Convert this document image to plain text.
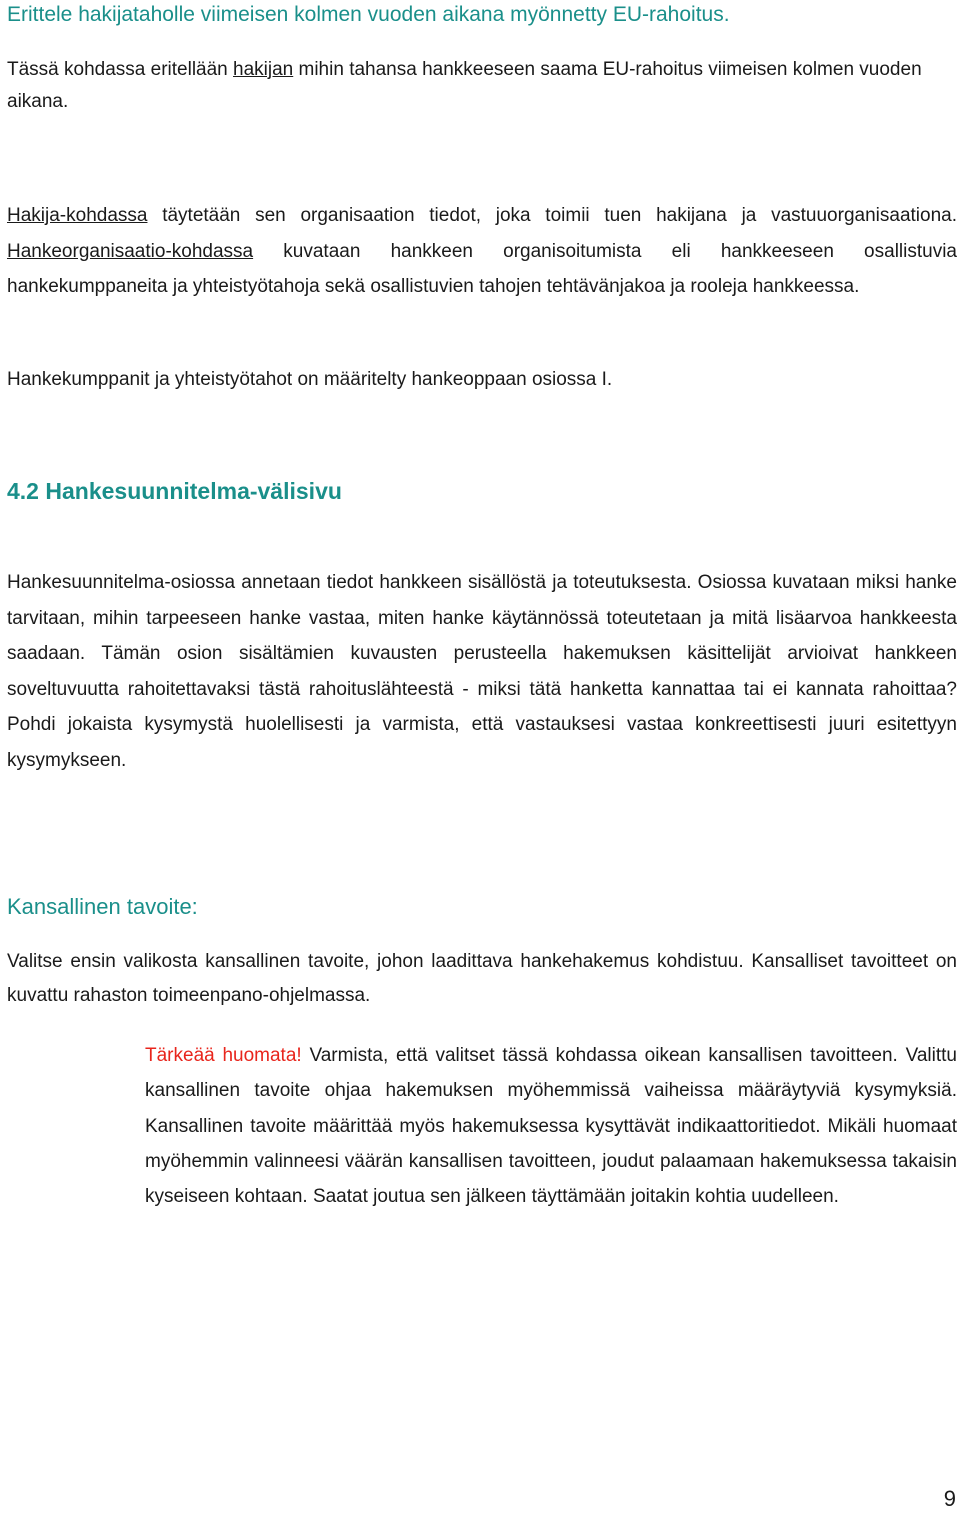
Erittele hakijataholle viimeisen kolmen vuoden aikana myönnetty EU-rahoitus.

Tässä kohdassa eritellään hakijan mihin tahansa hankkeeseen saama EU-rahoitus viimeisen kolmen vuoden aikana.

Hakija-kohdassa täytetään sen organisaation tiedot, joka toimii tuen hakijana ja vastuuorganisaationa. Hankeorganisaatio-kohdassa kuvataan hankkeen organisoitumista eli hankkeeseen osallistuvia hankekumppaneita ja yhteistyötahoja sekä osallistuvien tahojen tehtävänjakoa ja rooleja hankkeessa.

Hankekumppanit ja yhteistyötahot on määritelty hankeoppaan osiossa I.

4.2 Hankesuunnitelma-välisivu

Hankesuunnitelma-osiossa annetaan tiedot hankkeen sisällöstä ja toteutuksesta. Osiossa kuvataan miksi hanke tarvitaan, mihin tarpeeseen hanke vastaa, miten hanke käytännössä toteutetaan ja mitä lisäarvoa hankkeesta saadaan. Tämän osion sisältämien kuvausten perusteella hakemuksen käsittelijät arvioivat hankkeen soveltuvuutta rahoitettavaksi tästä rahoituslähteestä - miksi tätä hanketta kannattaa tai ei kannata rahoittaa? Pohdi jokaista kysymystä huolellisesti ja varmista, että vastauksesi vastaa konkreettisesti juuri esitettyyn kysymykseen.

Kansallinen tavoite:

Valitse ensin valikosta kansallinen tavoite, johon laadittava hankehakemus kohdistuu. Kansalliset tavoitteet on kuvattu rahaston toimeenpano-ohjelmassa.

Tärkeää huomata! Varmista, että valitset tässä kohdassa oikean kansallisen tavoitteen. Valittu kansallinen tavoite ohjaa hakemuksen myöhemmissä vaiheissa määräytyviä kysymyksiä. Kansallinen tavoite määrittää myös hakemuksessa kysyttävät indikaattoritiedot. Mikäli huomaat myöhemmin valinneesi väärän kansallisen tavoitteen, joudut palaamaan hakemuksessa takaisin kyseiseen kohtaan. Saatat joutua sen jälkeen täyttämään joitakin kohtia uudelleen.

9
